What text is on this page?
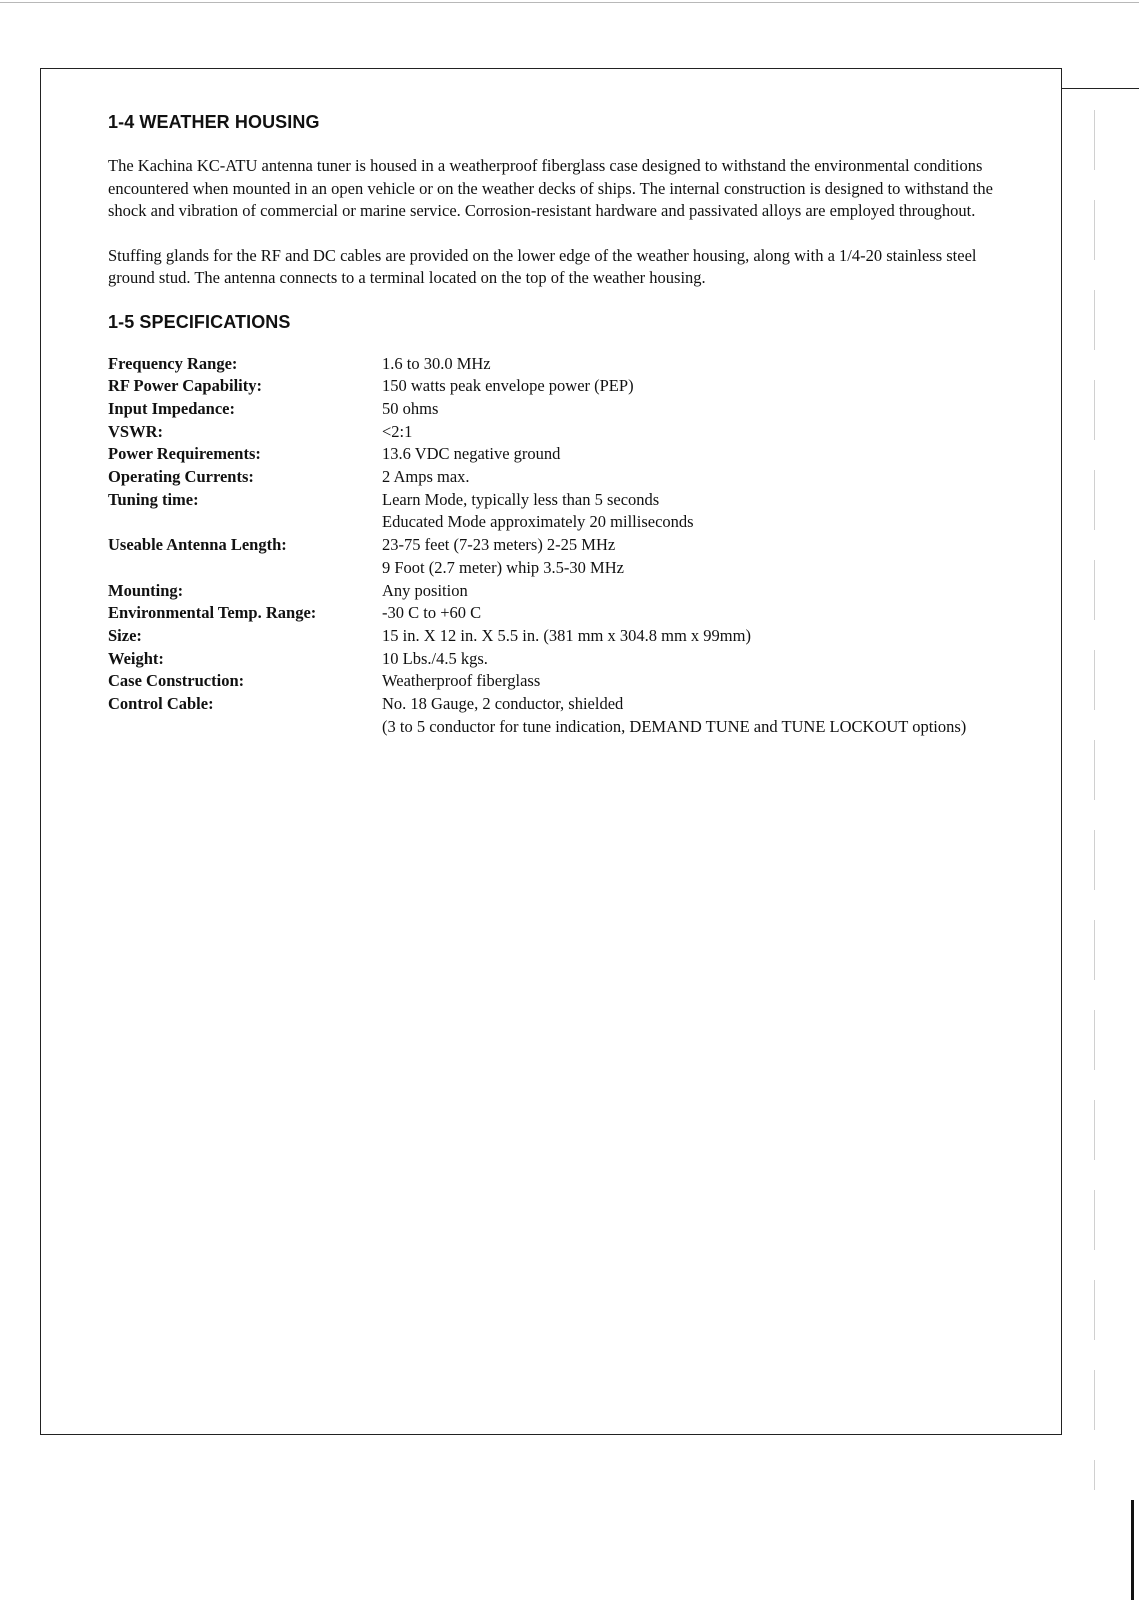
1-4 WEATHER HOUSING

The Kachina KC-ATU antenna tuner is housed in a weatherproof fiberglass case designed to withstand the environmental conditions encountered when mounted in an open vehicle or on the weather decks of ships. The internal construction is designed to withstand the shock and vibration of commercial or marine service. Corrosion-resistant hardware and passivated alloys are employed throughout.

Stuffing glands for the RF and DC cables are provided on the lower edge of the weather housing, along with a 1/4-20 stainless steel ground stud. The antenna connects to a terminal located on the top of the weather housing.

1-5 SPECIFICATIONS
Frequency Range:	1.6 to 30.0 MHz

RF Power Capability:	150 watts peak envelope power (PEP)

Input Impedance:	50 ohms

VSWR:	<2:1

Power Requirements:	13.6 VDC negative ground

Operating Currents:	2 Amps max.

Tuning time:	Learn Mode, typically less than 5 seconds
Educated Mode approximately 20 milliseconds

Useable Antenna Length:	23-75 feet (7-23 meters) 2-25 MHz
9 Foot (2.7 meter) whip 3.5-30 MHz

Mounting:	Any position

Environmental Temp. Range:	-30 C to +60 C

Size:	15 in. X 12 in. X 5.5 in. (381 mm x 304.8 mm x 99mm)

Weight:	10 Lbs./4.5 kgs.

Case Construction:	Weatherproof fiberglass

Control Cable:	No. 18 Gauge, 2 conductor, shielded
(3 to 5 conductor for tune indication, DEMAND TUNE and TUNE LOCKOUT options)
